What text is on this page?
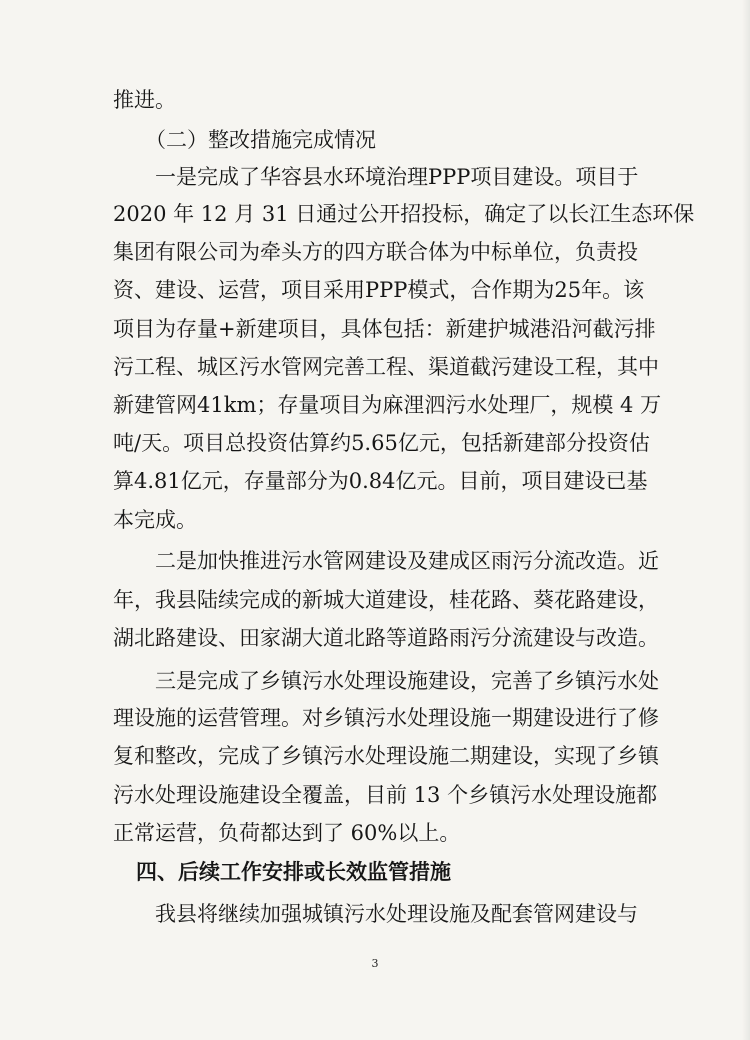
推进。
（二）整改措施完成情况
一是完成了华容县水环境治理PPP项目建设。项目于
2020 年 12 月 31 日通过公开招投标，确定了以长江生态环保
集团有限公司为牵头方的四方联合体为中标单位，负责投
资、建设、运营，项目采用PPP模式，合作期为25年。该
项目为存量+新建项目，具体包括：新建护城港沿河截污排
污工程、城区污水管网完善工程、渠道截污建设工程，其中
新建管网41km；存量项目为麻浬泗污水处理厂，规模 4 万
吨/天。项目总投资估算约5.65亿元，包括新建部分投资估
算4.81亿元，存量部分为0.84亿元。目前，项目建设已基
本完成。
二是加快推进污水管网建设及建成区雨污分流改造。近
年，我县陆续完成的新城大道建设，桂花路、葵花路建设，
湖北路建设、田家湖大道北路等道路雨污分流建设与改造。
三是完成了乡镇污水处理设施建设，完善了乡镇污水处
理设施的运营管理。对乡镇污水处理设施一期建设进行了修
复和整改，完成了乡镇污水处理设施二期建设，实现了乡镇
污水处理设施建设全覆盖，目前 13 个乡镇污水处理设施都
正常运营，负荷都达到了 60%以上。
四、后续工作安排或长效监管措施
我县将继续加强城镇污水处理设施及配套管网建设与
3
